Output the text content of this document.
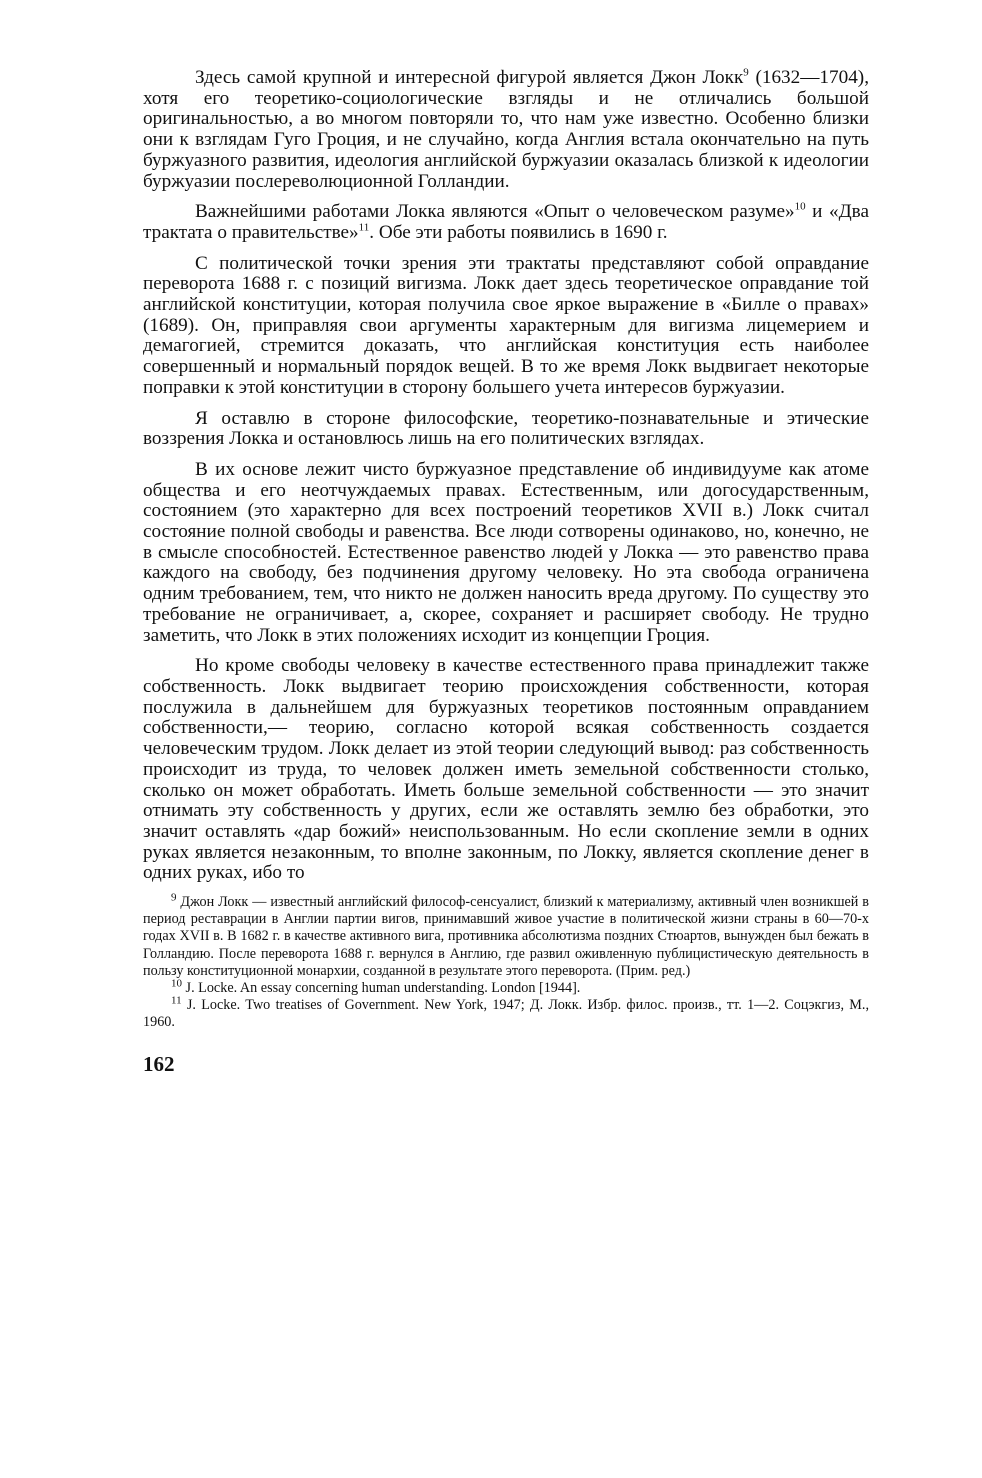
Здесь самой крупной и интересной фигурой является Джон Локк$^9$ (1632—1704), хотя его теоретико-социологические взгляды и не отличались большой оригинальностью, а во многом повторяли то, что нам уже известно. Особенно близки они к взглядам Гуго Гроция, и не случайно, когда Англия встала окончательно на путь буржуазного развития, идеология английской буржуазии оказалась близкой к идеологии буржуазии послереволюционной Голландии.

Важнейшими работами Локка являются «Опыт о человеческом разуме»$^{10}$ и «Два трактата о правительстве»$^{11}$. Обе эти работы появились в 1690 г.

С политической точки зрения эти трактаты представляют собой оправдание переворота 1688 г. с позиций вигизма. Локк дает здесь теоретическое оправдание той английской конституции, которая получила свое яркое выражение в «Билле о правах» (1689). Он, приправляя свои аргументы характерным для вигизма лицемерием и демагогией, стремится доказать, что английская конституция есть наиболее совершенный и нормальный порядок вещей. В то же время Локк выдвигает некоторые поправки к этой конституции в сторону большего учета интересов буржуазии.

Я оставлю в стороне философские, теоретико-познавательные и этические воззрения Локка и остановлюсь лишь на его политических взглядах.

В их основе лежит чисто буржуазное представление об индивидууме как атоме общества и его неотчуждаемых правах. Естественным, или догосударственным, состоянием (это характерно для всех построений теоретиков XVII в.) Локк считал состояние полной свободы и равенства. Все люди сотворены одинаково, но, конечно, не в смысле способностей. Естественное равенство людей у Локка — это равенство права каждого на свободу, без подчинения другому человеку. Но эта свобода ограничена одним требованием, тем, что никто не должен наносить вреда другому. По существу это требование не ограничивает, а, скорее, сохраняет и расширяет свободу. Не трудно заметить, что Локк в этих положениях исходит из концепции Гроция.

Но кроме свободы человеку в качестве естественного права принадлежит также собственность. Локк выдвигает теорию происхождения собственности, которая послужила в дальнейшем для буржуазных теоретиков постоянным оправданием собственности,— теорию, согласно которой всякая собственность создается человеческим трудом. Локк делает из этой теории следующий вывод: раз собственность происходит из труда, то человек должен иметь земельной собственности столько, сколько он может обработать. Иметь больше земельной собственности — это значит отнимать эту собственность у других, если же оставлять землю без обработки, это значит оставлять «дар божий» неиспользованным. Но если скопление земли в одних руках является незаконным, то вполне законным, по Локку, является скопление денег в одних руках, ибо то

$^9$ Джон Локк — известный английский философ-сенсуалист, близкий к материализму, активный член возникшей в период реставрации в Англии партии вигов, принимавший живое участие в политической жизни страны в 60—70-х годах XVII в. В 1682 г. в качестве активного вига, противника абсолютизма поздних Стюартов, вынужден был бежать в Голландию. После переворота 1688 г. вернулся в Англию, где развил оживленную публицистическую деятельность в пользу конституционной монархии, созданной в результате этого переворота. (Прим. ред.)

$^{10}$ J. Locke. An essay concerning human understanding. London [1944].

$^{11}$ J. Locke. Two treatises of Government. New York, 1947; Д. Локк. Избр. филос. произв., тт. 1—2. Соцэкгиз, М., 1960.

162
